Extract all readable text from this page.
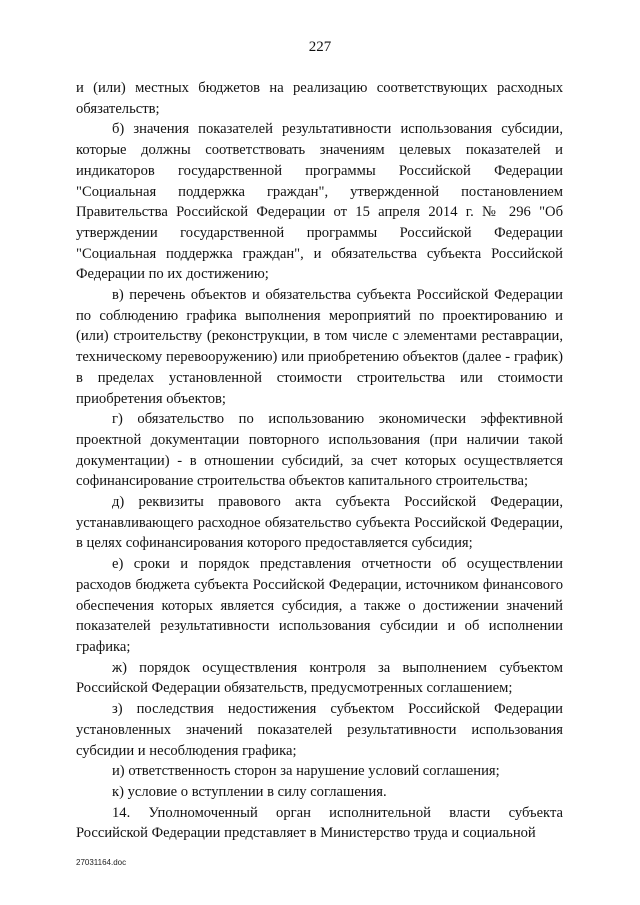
227

и (или) местных бюджетов на реализацию соответствующих расходных обязательств;

б) значения показателей результативности использования субсидии, которые должны соответствовать значениям целевых показателей и индикаторов государственной программы Российской Федерации "Социальная поддержка граждан", утвержденной постановлением Правительства Российской Федерации от 15 апреля 2014 г. № 296 "Об утверждении государственной программы Российской Федерации "Социальная поддержка граждан", и обязательства субъекта Российской Федерации по их достижению;

в) перечень объектов и обязательства субъекта Российской Федерации по соблюдению графика выполнения мероприятий по проектированию и (или) строительству (реконструкции, в том числе с элементами реставрации, техническому перевооружению) или приобретению объектов (далее - график) в пределах установленной стоимости строительства или стоимости приобретения объектов;

г) обязательство по использованию экономически эффективной проектной документации повторного использования (при наличии такой документации) - в отношении субсидий, за счет которых осуществляется софинансирование строительства объектов капитального строительства;

д) реквизиты правового акта субъекта Российской Федерации, устанавливающего расходное обязательство субъекта Российской Федерации, в целях софинансирования которого предоставляется субсидия;

е) сроки и порядок представления отчетности об осуществлении расходов бюджета субъекта Российской Федерации, источником финансового обеспечения которых является субсидия, а также о достижении значений показателей результативности использования субсидии и об исполнении графика;

ж) порядок осуществления контроля за выполнением субъектом Российской Федерации обязательств, предусмотренных соглашением;

з) последствия недостижения субъектом Российской Федерации установленных значений показателей результативности использования субсидии и несоблюдения графика;

и) ответственность сторон за нарушение условий соглашения;

к) условие о вступлении в силу соглашения.

14. Уполномоченный орган исполнительной власти субъекта Российской Федерации представляет в Министерство труда и социальной

27031164.doc
